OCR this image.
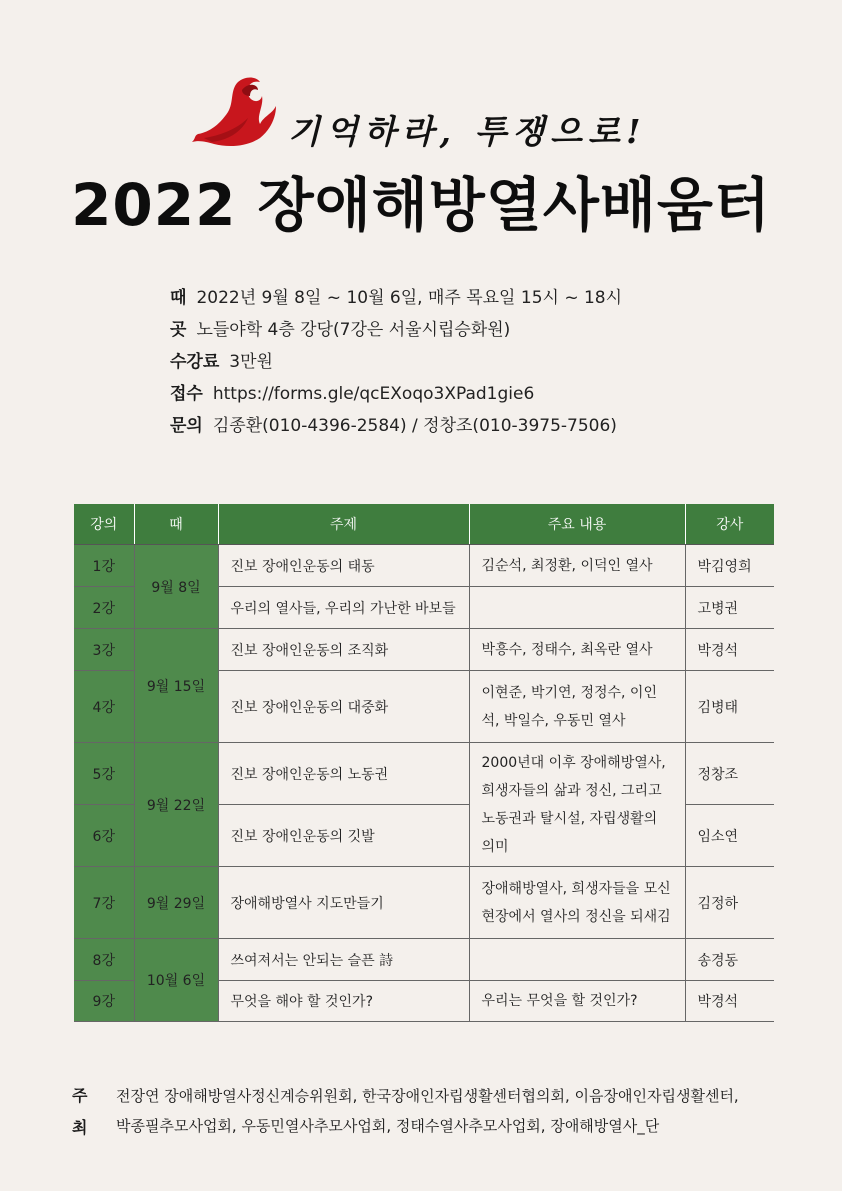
기억하라, 투쟁으로!
2022 장애해방열사배움터
때 2022년 9월 8일 ~ 10월 6일, 매주 목요일 15시 ~ 18시
곳 노들야학 4층 강당(7강은 서울시립승화원)
수강료 3만원
접수 https://forms.gle/qcEXoqo3XPad1gie6
문의 김종환(010-4396-2584) / 정창조(010-3975-7506)
강의	때	주제	주요 내용	강사
1강	9월 8일	진보 장애인운동의 태동	김순석, 최정환, 이덕인 열사	박김영희
2강		우리의 열사들, 우리의 가난한 바보들		고병권
3강	9월 15일	진보 장애인운동의 조직화	박흥수, 정태수, 최옥란 열사	박경석
4강		진보 장애인운동의 대중화	이현준, 박기연, 정정수, 이인석, 박일수, 우동민 열사	김병태
5강	9월 22일	진보 장애인운동의 노동권	2000년대 이후 장애해방열사, 희생자들의 삶과 정신, 그리고 노동권과 탈시설, 자립생활의 의미	정창조
6강		진보 장애인운동의 깃발		임소연
7강	9월 29일	장애해방열사 지도만들기	장애해방열사, 희생자들을 모신 현장에서 열사의 정신을 되새김	김정하
8강	10월 6일	쓰여져서는 안되는 슬픈 詩		송경동
9강		무엇을 해야 할 것인가?	우리는 무엇을 할 것인가?	박경석
주최
전장연 장애해방열사정신계승위원회, 한국장애인자립생활센터협의회, 이음장애인자립생활센터,
박종필추모사업회, 우동민열사추모사업회, 정태수열사추모사업회, 장애해방열사_단
